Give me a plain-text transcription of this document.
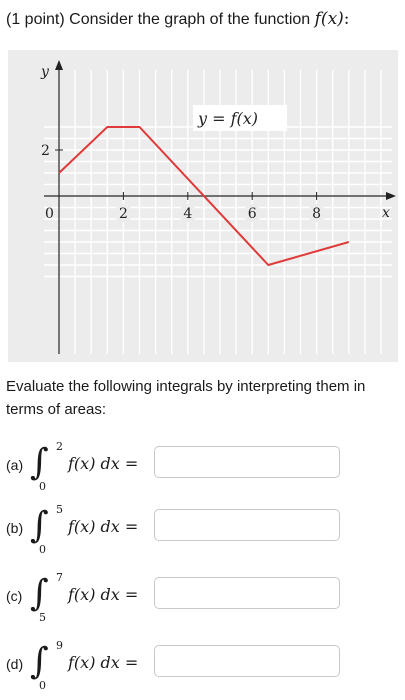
(1 point) Consider the graph of the function f(x):
y
x
2
0	2	4	6	8
y = f(x)
Evaluate the following integrals by interpreting them in terms of areas:
(a) ∫ 2
0
f(x) dx =
(b) ∫ 5
0
f(x) dx =
(c) ∫ 7
5
f(x) dx =
(d) ∫ 9
0
f(x) dx =
